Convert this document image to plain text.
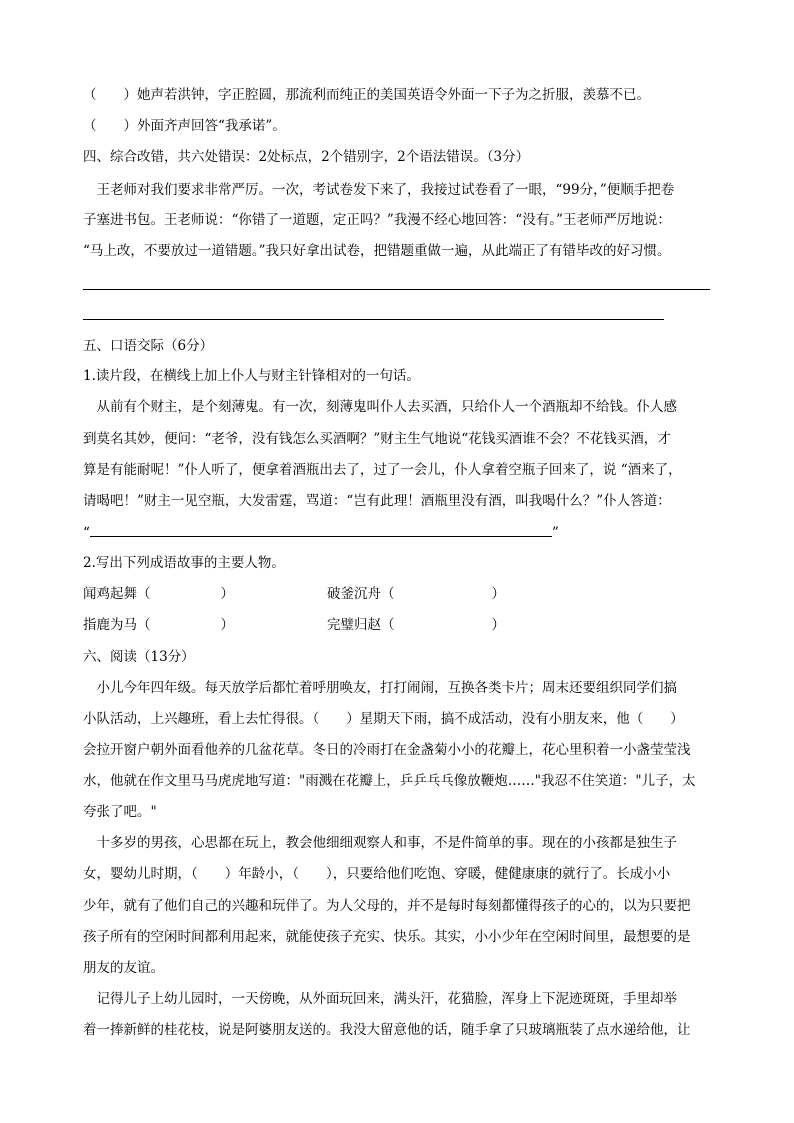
（　　）她声若洪钟，字正腔圆，那流利而纯正的美国英语令外面一下子为之折服，羡慕不已。
（　　）外面齐声回答“我承诺”。
四、综合改错，共六处错误：2处标点，2个错别字，2个语法错误。（3分）
　王老师对我们要求非常严厉。一次，考试卷发下来了，我接过试卷看了一眼，“99分，”便顺手把卷
子塞进书包。王老师说：“你错了一道题，定正吗？”我漫不经心地回答：“没有。”王老师严厉地说：
“马上改，不要放过一道错题。”我只好拿出试卷，把错题重做一遍，从此端正了有错毕改的好习惯。
五、口语交际（6分）
1.读片段，在横线上加上仆人与财主针锋相对的一句话。
　从前有个财主，是个刻薄鬼。有一次，刻薄鬼叫仆人去买酒，只给仆人一个酒瓶却不给钱。仆人感
到莫名其妙，便问：“老爷，没有钱怎么买酒啊？”财主生气地说“花钱买酒谁不会？不花钱买酒，才
算是有能耐呢！”仆人听了，便拿着酒瓶出去了，过了一会儿，仆人拿着空瓶子回来了，说 “酒来了，
请喝吧！”财主一见空瓶，大发雷霆，骂道：“岂有此理！酒瓶里没有酒，叫我喝什么？”仆人答道：
“	”
2.写出下列成语故事的主要人物。
闻鸡起舞（	）	破釜沉舟（	）
指鹿为马（	）	完璧归赵（	）
六、阅读（13分）
　小儿今年四年级。每天放学后都忙着呼朋唤友，打打闹闹，互换各类卡片；周末还要组织同学们搞
小队活动，上兴趣班，看上去忙得很。（　　）星期天下雨，搞不成活动，没有小朋友来，他（　　）
会拉开窗户朝外面看他养的几盆花草。冬日的冷雨打在金盏菊小小的花瓣上，花心里积着一小盏莹莹浅
水，他就在作文里马马虎虎地写道："雨溅在花瓣上，乒乒乓乓像放鞭炮……"我忍不住笑道："儿子，太
夸张了吧。"
　十多岁的男孩，心思都在玩上，教会他细细观察人和事，不是件简单的事。现在的小孩都是独生子
女，婴幼儿时期，（　　）年龄小，（　　），只要给他们吃饱、穿暖，健健康康的就行了。长成小小
少年，就有了他们自己的兴趣和玩伴了。为人父母的，并不是每时每刻都懂得孩子的心的，以为只要把
孩子所有的空闲时间都利用起来，就能使孩子充实、快乐。其实，小小少年在空闲时间里，最想要的是
朋友的友谊。
　记得儿子上幼儿园时，一天傍晚，从外面玩回来，满头汗，花猫脸，浑身上下泥迹斑斑，手里却举
着一捧新鲜的桂花枝，说是阿婆朋友送的。我没大留意他的话，随手拿了只玻璃瓶装了点水递给他，让
